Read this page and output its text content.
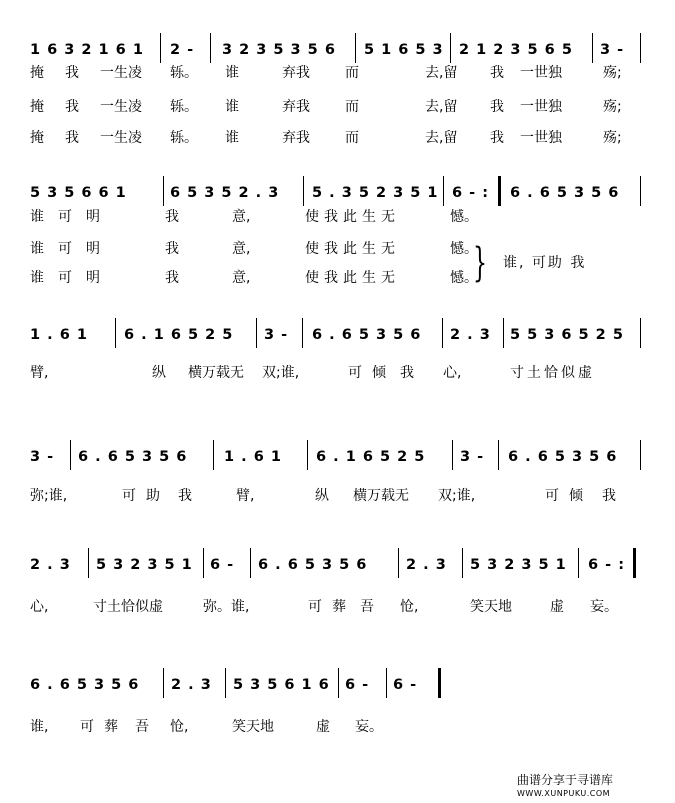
1 6 3 2 1 6 1 2 - 3 2 3 5 3 5 6 5 1 6 5 3 2 1 2 3 5 6 5 3 -
5 3 5 6 6 1	6 5 3 5 2 . 3 5 . 3 5 2 3 5 1 6 - : 6 . 6 5 3 5 6
1 . 6 1 6 . 1 6 5 2 5 3 - 6 . 6 5 3 5 6 2 . 3 5 5 3 6 5 2 5
3 - 6 . 6 5 3 5 6	1 . 6 1 6 . 1 6 5 2 5 3 - 6 . 6 5 3 5 6
2 . 3 5 3 2 3 5 1 6 - 6 . 6 5 3 5 6	2 . 3 5 3 2 3 5 1 6 - :
6 . 6 5 3 5 6 2 . 3 5 3 5 6 1 6 6 - 6 -
掩 我 一生凌 轹。 谁	弃我	而	去,留 我 一世独	殇;
掩 我 一生凌 轹。 谁	弃我	而	去,留 我 一世独	殇;
掩 我 一生凌 轹。 谁	弃我	而	去,留 我 一世独	殇;
谁可明	我	意,	使我此生无	憾。
谁可明	我	意,	使我此生无	憾。
谁可明	我	意,	使我此生无	憾。
臂,	纵 横万载无 双;谁,	可倾 我 心,	寸土恰似虚
弥;谁,	可助 我	臂,	纵 横万载无 双;谁,	可倾 我
心,	寸土恰似虚	弥。谁,	可葬 吾 怆,	笑天地	虚 妄。
谁, 可葬 吾 怆,	笑天地	虚 妄。
} 谁, 可助 我
曲谱分享于寻谱库
WWW.XUNPUKU.COM
